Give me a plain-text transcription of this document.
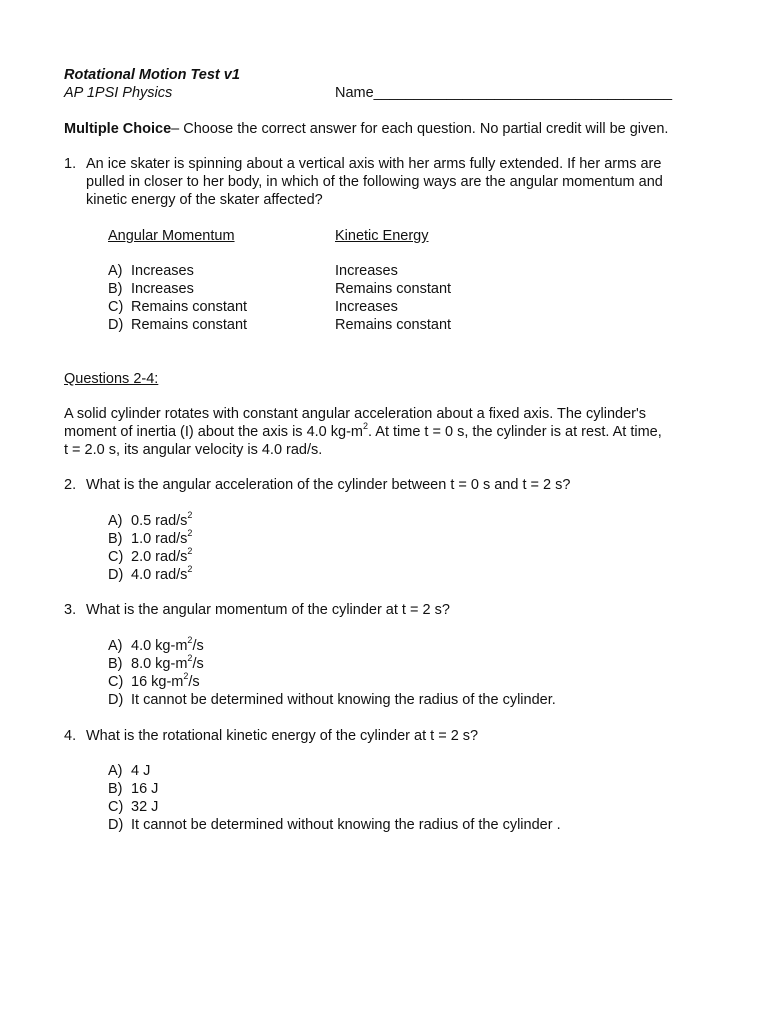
Rotational Motion Test v1
AP 1PSI Physics	Name_____________________________________
Multiple Choice– Choose the correct answer for each question. No partial credit will be given.
1. An ice skater is spinning about a vertical axis with her arms fully extended. If her arms are
pulled in closer to her body, in which of the following ways are the angular momentum and
kinetic energy of the skater affected?
Angular Momentum	Kinetic Energy
A) Increases	Increases
B) Increases	Remains constant
C) Remains constant	Increases
D) Remains constant	Remains constant
Questions 2-4:
A solid cylinder rotates with constant angular acceleration about a fixed axis. The cylinder's
moment of inertia (I) about the axis is 4.0 $kg-m^2$. At time t = 0 s, the cylinder is at rest. At time,
t = 2.0 s, its angular velocity is 4.0 rad/s.
2. What is the angular acceleration of the cylinder between t = 0 s and t = 2 s?
A) 0.5 rad/$s^2$
B) 1.0 rad/$s^2$
C) 2.0 rad/$s^2$
D) 4.0 rad/$s^2$
3. What is the angular momentum of the cylinder at t = 2 s?
A) 4.0 $kg-m^2/s$
B) 8.0 $kg-m^2/s$
C) 16 $kg-m^2/s$
D) It cannot be determined without knowing the radius of the cylinder.
4. What is the rotational kinetic energy of the cylinder at t = 2 s?
A) 4 J
B) 16 J
C) 32 J
D) It cannot be determined without knowing the radius of the cylinder .
